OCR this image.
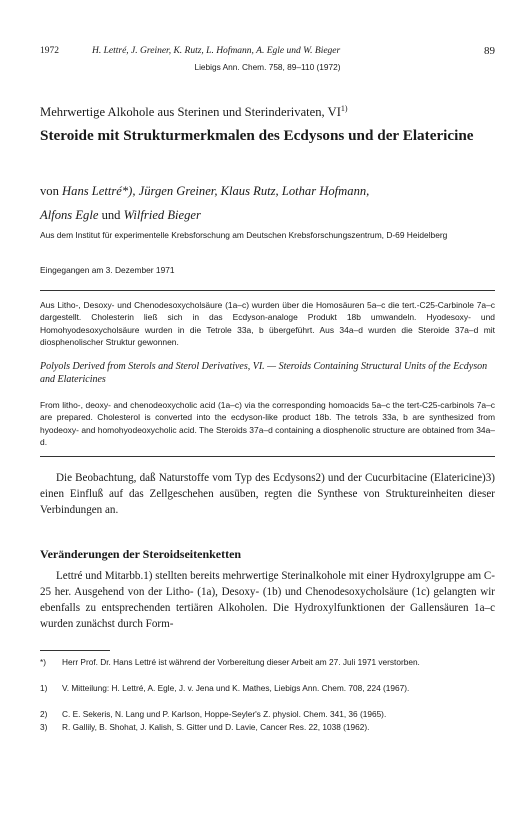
1972	H. Lettré, J. Greiner, K. Rutz, L. Hofmann, A. Egle und W. Bieger	89
Liebigs Ann. Chem. 758, 89–110 (1972)
Mehrwertige Alkohole aus Sterinen und Sterinderivaten, VI$^{1)}$
Steroide mit Strukturmerkmalen des Ecdysons und der Elatericine
von Hans Lettré*), Jürgen Greiner, Klaus Rutz, Lothar Hofmann,
Alfons Egle und Wilfried Bieger
Aus dem Institut für experimentelle Krebsforschung am Deutschen Krebsforschungszentrum, D-69 Heidelberg
Eingegangen am 3. Dezember 1971
Aus Litho-, Desoxy- und Chenodesoxycholsäure (1a–c) wurden über die Homosäuren 5a–c die tert.-C25-Carbinole 7a–c dargestellt. Cholesterin ließ sich in das Ecdyson-analoge Produkt 18b umwandeln. Hyodesoxy- und Homohyodesoxycholsäure wurden in die Tetrole 33a, b übergeführt. Aus 34a–d wurden die Steroide 37a–d mit diosphenolischer Struktur gewonnen.
Polyols Derived from Sterols and Sterol Derivatives, VI. — Steroids Containing Structural Units of the Ecdyson and Elatericines
From litho-, deoxy- and chenodeoxycholic acid (1a–c) via the corresponding homoacids 5a–c the tert-C25-carbinols 7a–c are prepared. Cholesterol is converted into the ecdyson-like product 18b. The tetrols 33a, b are synthesized from hyodeoxy- and homohyodeoxycholic acid. The Steroids 37a–d containing a diosphenolic structure are obtained from 34a–d.
Die Beobachtung, daß Naturstoffe vom Typ des Ecdysons2) und der Cucurbitacine (Elatericine)3) einen Einfluß auf das Zellgeschehen ausüben, regten die Synthese von Struktureinheiten dieser Verbindungen an.
Veränderungen der Steroidseitenketten
Lettré und Mitarbb.1) stellten bereits mehrwertige Sterinalkohole mit einer Hydroxylgruppe am C-25 her. Ausgehend von der Litho- (1a), Desoxy- (1b) und Chenodesoxycholsäure (1c) gelangten wir ebenfalls zu entsprechenden tertiären Alkoholen. Die Hydroxylfunktionen der Gallensäuren 1a–c wurden zunächst durch Form-
*) Herr Prof. Dr. Hans Lettré ist während der Vorbereitung dieser Arbeit am 27. Juli 1971 verstorben.
1) V. Mitteilung: H. Lettré, A. Egle, J. v. Jena und K. Mathes, Liebigs Ann. Chem. 708, 224 (1967).
2) C. E. Sekeris, N. Lang und P. Karlson, Hoppe-Seyler's Z. physiol. Chem. 341, 36 (1965).
3) R. Gallily, B. Shohat, J. Kalish, S. Gitter und D. Lavie, Cancer Res. 22, 1038 (1962).
